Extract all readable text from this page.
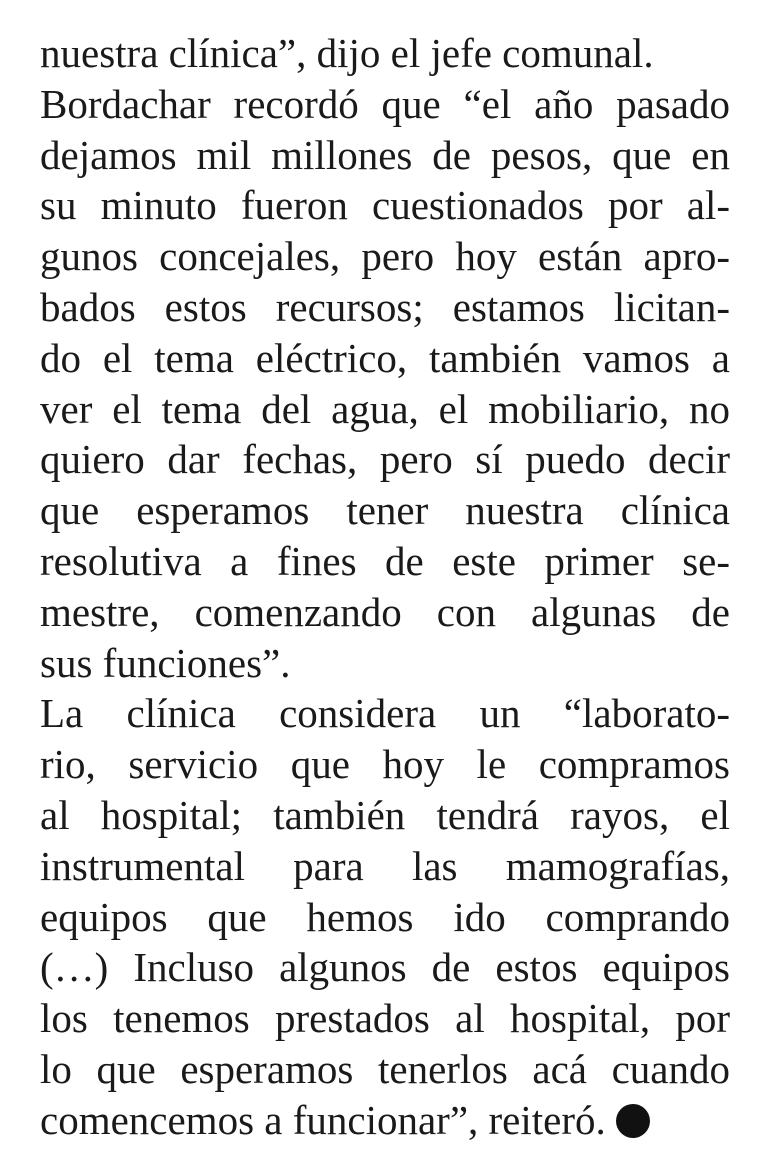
nuestra clínica”, dijo el jefe comunal.
Bordachar recordó que “el año pasado
dejamos mil millones de pesos, que en
su minuto fueron cuestionados por al-
gunos concejales, pero hoy están apro-
bados estos recursos; estamos licitan-
do el tema eléctrico, también vamos a
ver el tema del agua, el mobiliario, no
quiero dar fechas, pero sí puedo decir
que esperamos tener nuestra clínica
resolutiva a fines de este primer se-
mestre, comenzando con algunas de
sus funciones”.
La clínica considera un “laborato-
rio, servicio que hoy le compramos
al hospital; también tendrá rayos, el
instrumental para las mamografías,
equipos que hemos ido comprando
(…) Incluso algunos de estos equipos
los tenemos prestados al hospital, por
lo que esperamos tenerlos acá cuando
comencemos a funcionar”, reiteró.
